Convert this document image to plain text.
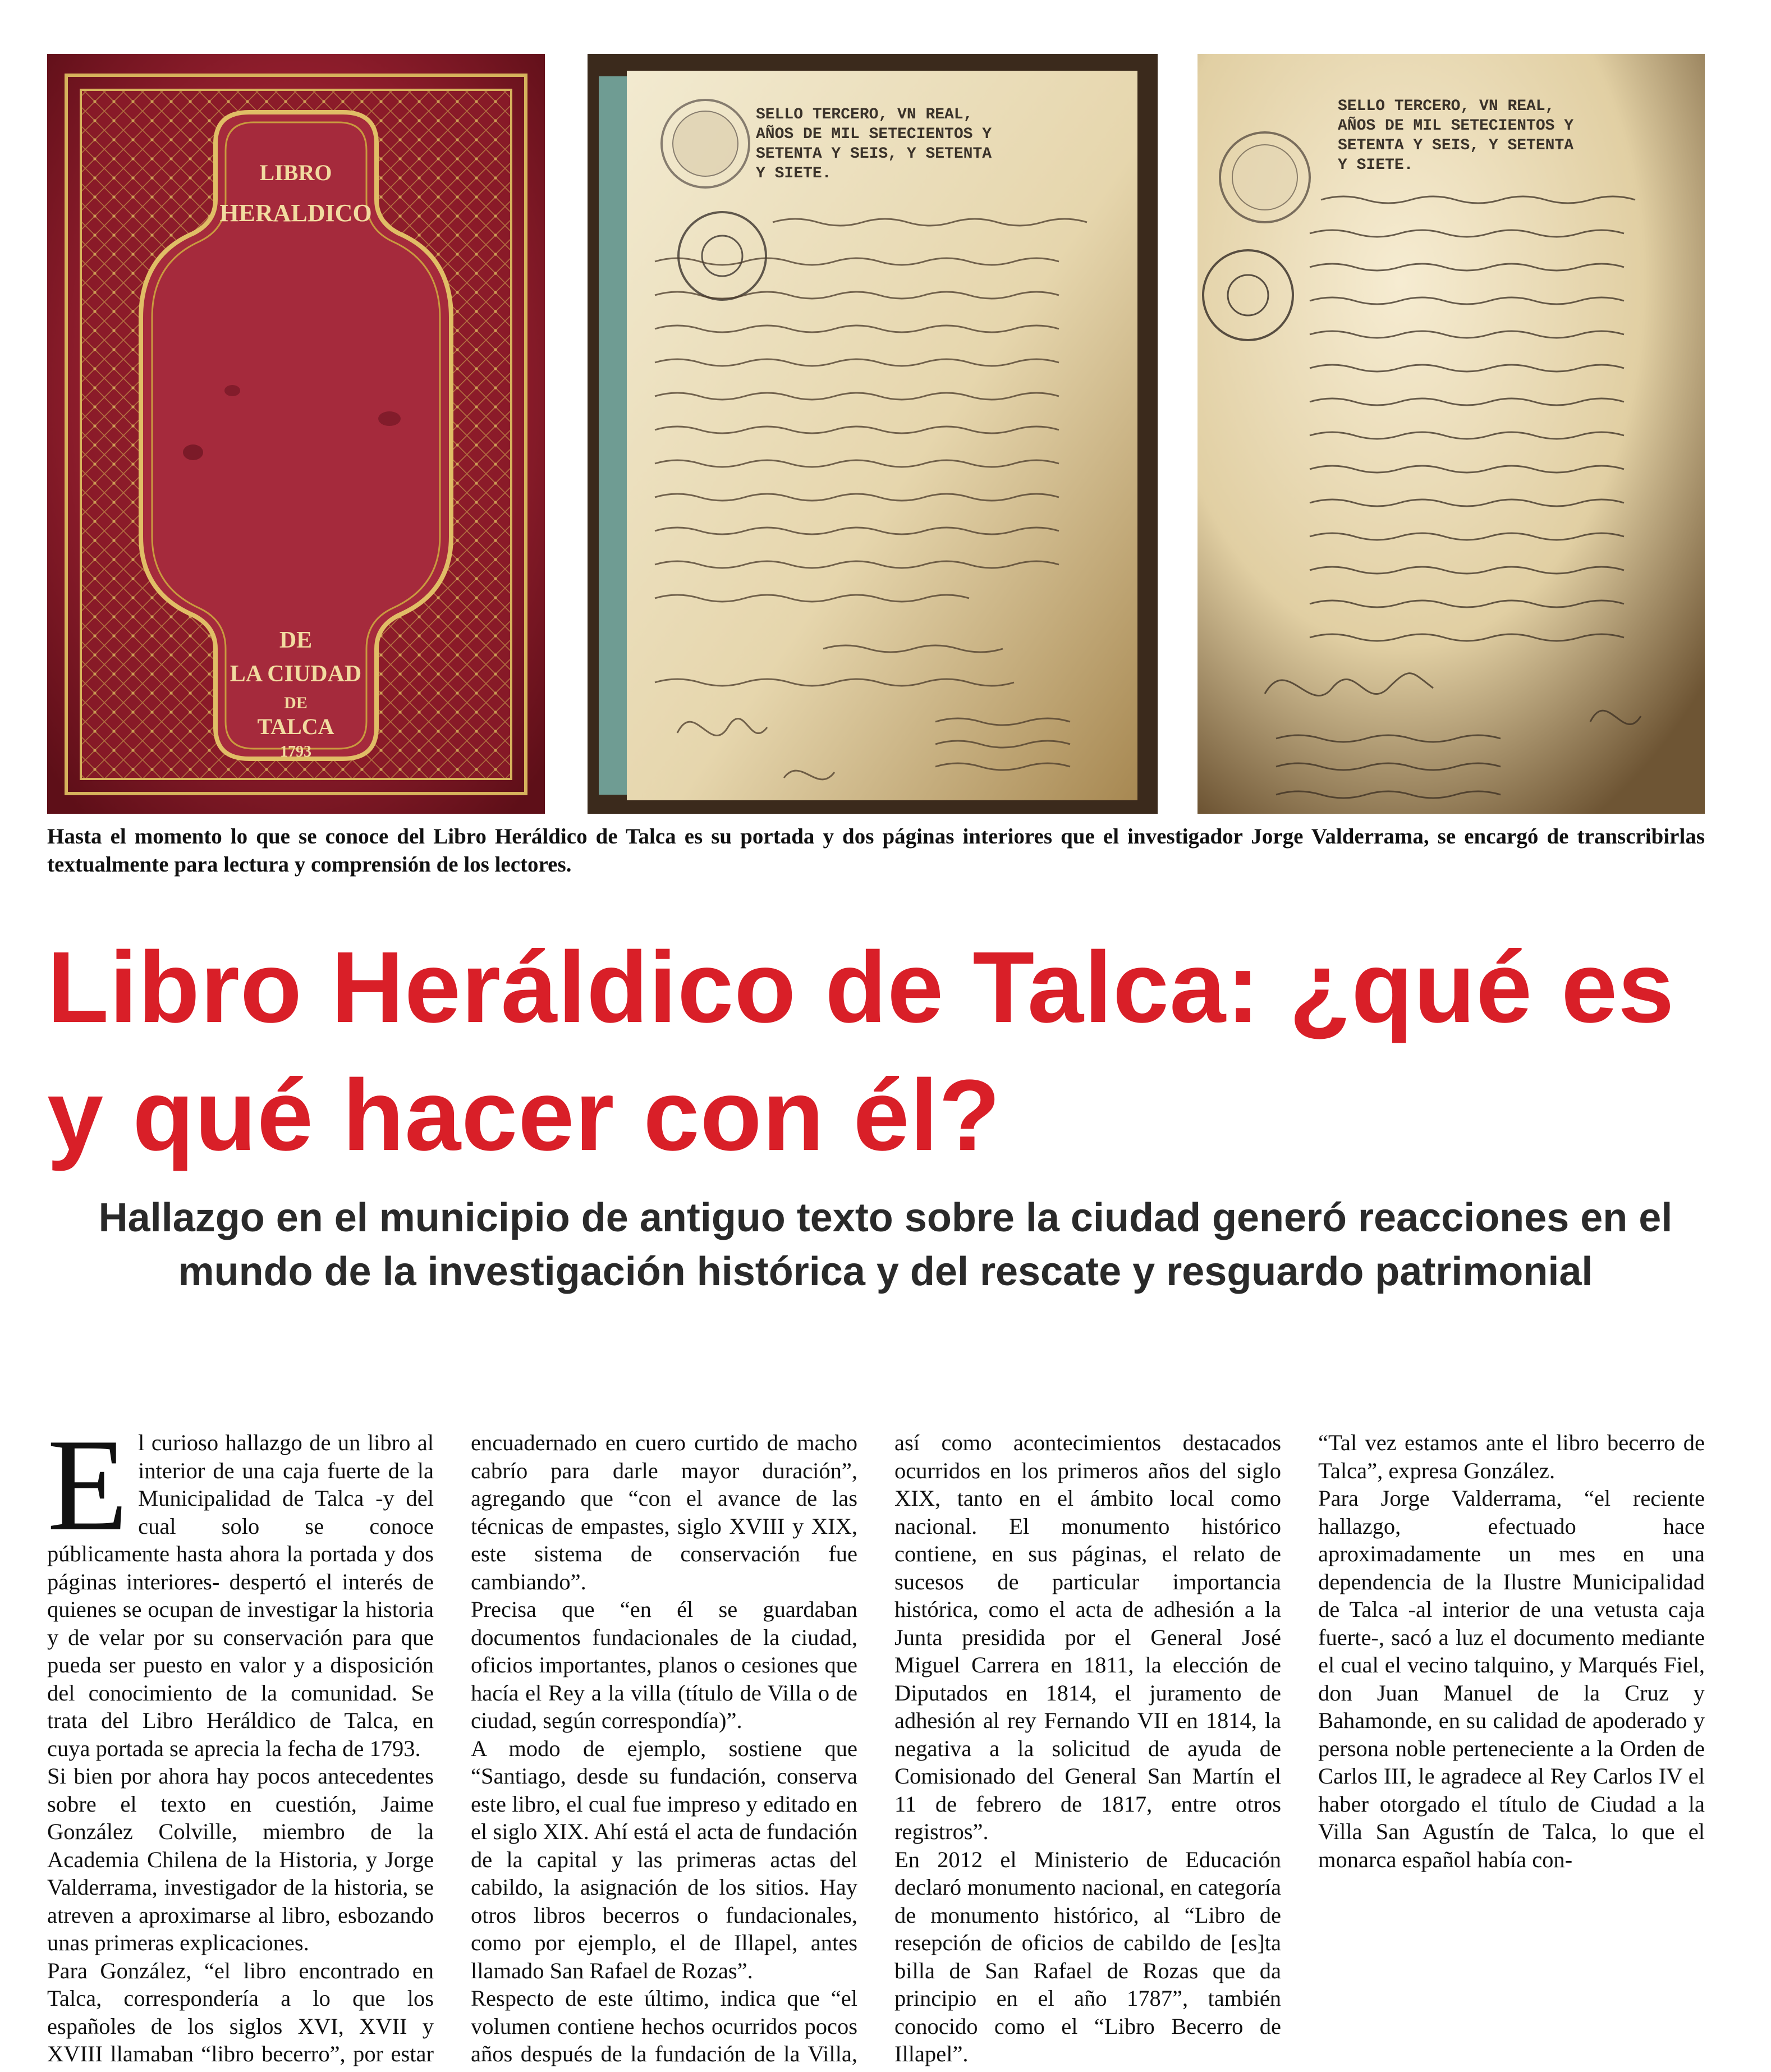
LIBRO
HERALDICO
DE
LA CIUDAD
DE
TALCA
1793
SELLO TERCERO, VN REAL,
AÑOS DE MIL SETECIENTOS Y
SETENTA Y SEIS, Y SETENTA
Y SIETE.
SELLO TERCERO, VN REAL,
AÑOS DE MIL SETECIENTOS Y
SETENTA Y SEIS, Y SETENTA
Y SIETE.
Hasta el momento lo que se conoce del Libro Heráldico de Talca es su portada y dos páginas interiores que el investigador Jorge Valderrama, se encargó de transcribirlas textualmente para lectura y comprensión de los lectores.
Libro Heráldico de Talca: ¿qué es y qué hacer con él?
Hallazgo en el municipio de antiguo texto sobre la ciudad generó reacciones en el mundo de la investigación histórica y del rescate y resguardo patrimonial

El curioso hallazgo de un libro al interior de una caja fuerte de la Municipalidad de Talca -y del cual solo se conoce públicamente hasta ahora la portada y dos páginas interiores- despertó el interés de quienes se ocupan de investigar la historia y de velar por su conservación para que pueda ser puesto en valor y a disposición del conocimiento de la comunidad. Se trata del Libro Heráldico de Talca, en cuya portada se aprecia la fecha de 1793.

Si bien por ahora hay pocos antecedentes sobre el texto en cuestión, Jaime González Colville, miembro de la Academia Chilena de la Historia, y Jorge Valderrama, investigador de la historia, se atreven a aproximarse al libro, esbozando unas primeras explicaciones.

Para González, “el libro encontrado en Talca, correspondería a lo que los españoles de los siglos XVI, XVII y XVIII llamaban “libro becerro”, por estar encuadernado en cuero curtido de macho cabrío para darle mayor duración”, agregando que “con el avance de las técnicas de empastes, siglo XVIII y XIX, este sistema de conservación fue cambiando”.

Precisa que “en él se guardaban documentos fundacionales de la ciudad, oficios importantes, planos o cesiones que hacía el Rey a la villa (título de Villa o de ciudad, según correspondía)”.

A modo de ejemplo, sostiene que “Santiago, desde su fundación, conserva este libro, el cual fue impreso y editado en el siglo XIX. Ahí está el acta de fundación de la capital y las primeras actas del cabildo, la asignación de los sitios. Hay otros libros becerros o fundacionales, como por ejemplo, el de Illapel, antes llamado San Rafael de Rozas”.

Respecto de este último, indica que “el volumen contiene hechos ocurridos pocos años después de la fundación de la Villa, así como acontecimientos destacados ocurridos en los primeros años del siglo XIX, tanto en el ámbito local como nacional. El monumento histórico contiene, en sus páginas, el relato de sucesos de particular importancia histórica, como el acta de adhesión a la Junta presidida por el General José Miguel Carrera en 1811, la elección de Diputados en 1814, el juramento de adhesión al rey Fernando VII en 1814, la negativa a la solicitud de ayuda de Comisionado del General San Martín el 11 de febrero de 1817, entre otros registros”.

En 2012 el Ministerio de Educación declaró monumento nacional, en categoría de monumento histórico, al “Libro de resepción de oficios de cabildo de [es]ta billa de San Rafael de Rozas que da principio en el año 1787”, también conocido como el “Libro Becerro de Illapel”.

“Tal vez estamos ante el libro becerro de Talca”, expresa González.

Para Jorge Valderrama, “el reciente hallazgo, efectuado hace aproximadamente un mes en una dependencia de la Ilustre Municipalidad de Talca -al interior de una vetusta caja fuerte-, sacó a luz el documento mediante el cual el vecino talquino, y Marqués Fiel, don Juan Manuel de la Cruz y Bahamonde, en su calidad de apoderado y persona noble perteneciente a la Orden de Carlos III, le agradece al Rey Carlos IV el haber otorgado el título de Ciudad a la Villa San Agustín de Talca, lo que el monarca español había con-
